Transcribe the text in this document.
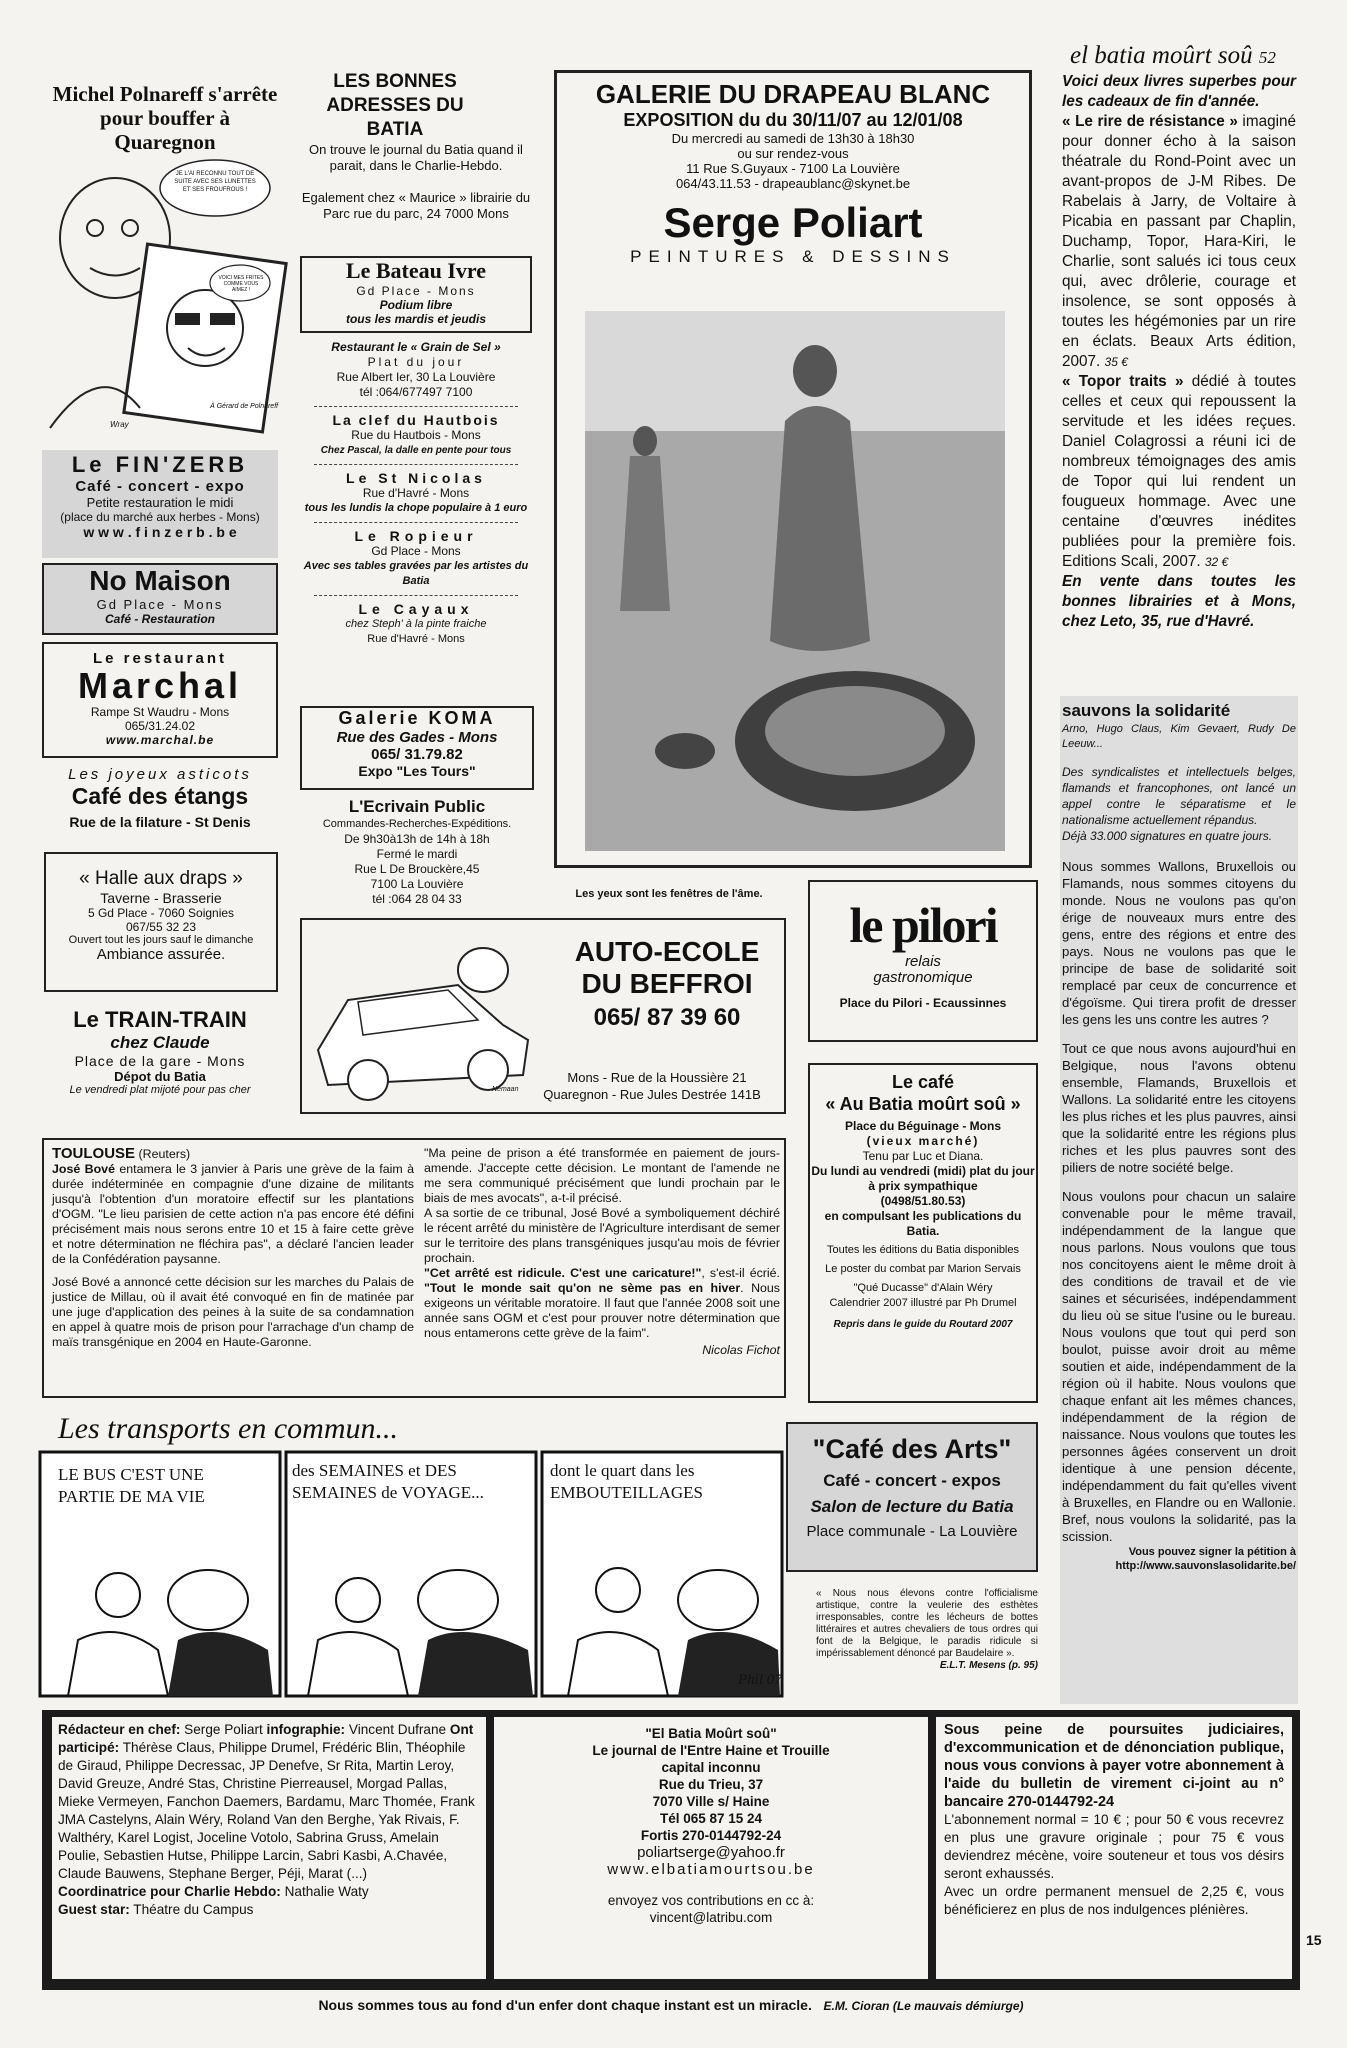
el batia moûrt soû 52
Michel Polnareff s'arrête pour bouffer à Quaregnon
JE L'AI RECONNU TOUT DE SUITE AVEC SES LUNETTES ET SES FROUFROUS !
VOICI MES FRITES COMME VOUS AIMEZ !
À Gérard de Polnareff
Wray
Le FIN'ZERB
Café - concert - expo
Petite restauration le midi
(place du marché aux herbes - Mons)
w w w . f i n z e r b . b e
No Maison
Gd Place - Mons
Café - Restauration
Le restaurant
Marchal
Rampe St Waudru - Mons
065/31.24.02
www.marchal.be
Les joyeux asticots
Café des étangs
Rue de la filature - St Denis
« Halle aux draps »
Taverne - Brasserie
5 Gd Place - 7060 Soignies
067/55 32 23
Ouvert tout les jours sauf le dimanche
Ambiance assurée.
Le TRAIN-TRAIN
chez Claude
Place de la gare - Mons
Dépot du Batia
Le vendredi plat mijoté pour pas cher
LES BONNES ADRESSES DU BATIA
On trouve le journal du Batia quand il parait, dans le Charlie-Hebdo.
Egalement chez « Maurice » librairie du Parc rue du parc, 24 7000 Mons
Le Bateau Ivre
Gd Place - Mons
Podium libre
tous les mardis et jeudis
Restaurant le « Grain de Sel »
Plat du jour
Rue Albert Ier, 30 La Louvière
tél :064/677497 7100
La clef du Hautbois
Rue du Hautbois - Mons
Chez Pascal, la dalle en pente pour tous
Le St Nicolas
Rue d'Havré - Mons
tous les lundis la chope populaire à 1 euro
Le Ropieur
Gd Place - Mons
Avec ses tables gravées par les artistes du Batia
Le Cayaux
chez Steph' à la pinte fraiche
Rue d'Havré - Mons
Galerie KOMA
Rue des Gades - Mons
065/ 31.79.82
Expo "Les Tours"
L'Ecrivain Public
Commandes-Recherches-Expéditions.
De 9h30à13h de 14h à 18h
Fermé le mardi
Rue L De Brouckère,45
7100 La Louvière
tél :064 28 04 33
GALERIE DU DRAPEAU BLANC
EXPOSITION du du 30/11/07 au 12/01/08
Du mercredi au samedi de 13h30 à 18h30
ou sur rendez-vous
11 Rue S.Guyaux - 7100 La Louvière
064/43.11.53 - drapeaublanc@skynet.be
Serge Poliart
PEINTURES & DESSINS
Les yeux sont les fenêtres de l'âme.
AUTO-ECOLE
DU BEFFROI
065/ 87 39 60
Mons - Rue de la Houssière 21
Quaregnon - Rue Jules Destrée 141B
Nemaan
le pilori
relais
gastronomique
Place du Pilori - Ecaussinnes
Le café
« Au Batia moûrt soû »
Place du Béguinage - Mons
(vieux marché)
Tenu par Luc et Diana.
Du lundi au vendredi (midi) plat du jour à prix sympathique
(0498/51.80.53)
en compulsant les publications du Batia.
Toutes les éditions du Batia disponibles
Le poster du combat par Marion Servais
"Qué Ducasse" d'Alain Wéry
Calendrier 2007 illustré par Ph Drumel
Repris dans le guide du Routard 2007
"Café des Arts"
Café - concert - expos
Salon de lecture du Batia
Place communale - La Louvière
« Nous nous élevons contre l'officialisme artistique, contre la veulerie des esthètes irresponsables, contre les lécheurs de bottes littéraires et autres chevaliers de tous ordres qui font de la Belgique, le paradis ridicule si impérissablement dénoncé par Baudelaire ».
E.L.T. Mesens (p. 95)

TOULOUSE (Reuters)
José Bové entamera le 3 janvier à Paris une grève de la faim à durée indéterminée en compagnie d'une dizaine de militants jusqu'à l'obtention d'un moratoire effectif sur les plantations d'OGM. "Le lieu parisien de cette action n'a pas encore été défini précisément mais nous serons entre 10 et 15 à faire cette grève et notre détermination ne fléchira pas", a déclaré l'ancien leader de la Confédération paysanne.

José Bové a annoncé cette décision sur les marches du Palais de justice de Millau, où il avait été convoqué en fin de matinée par une juge d'application des peines à la suite de sa condamnation en appel à quatre mois de prison pour l'arrachage d'un champ de maïs transgénique en 2004 en Haute-Garonne.

"Ma peine de prison a été transformée en paiement de jours-amende. J'accepte cette décision. Le montant de l'amende ne me sera communiqué précisément que lundi prochain par le biais de mes avocats", a-t-il précisé.

A sa sortie de ce tribunal, José Bové a symboliquement déchiré le récent arrêté du ministère de l'Agriculture interdisant de semer sur le territoire des plans transgéniques jusqu'au mois de février prochain.

"Cet arrêté est ridicule. C'est une caricature!", s'est-il écrié. "Tout le monde sait qu'on ne sème pas en hiver. Nous exigeons un véritable moratoire. Il faut que l'année 2008 soit une année sans OGM et c'est pour prouver notre détermination que nous entamerons cette grève de la faim".

Nicolas Fichot
Les transports en commun...
LE BUS C'EST UNE PARTIE DE MA VIE
des SEMAINES et DES SEMAINES de VOYAGE...
dont le quart dans les EMBOUTEILLAGES
Phil 07
Voici deux livres superbes pour les cadeaux de fin d'année.
« Le rire de résistance » imaginé pour donner écho à la saison théatrale du Rond-Point avec un avant-propos de J-M Ribes. De Rabelais à Jarry, de Voltaire à Picabia en passant par Chaplin, Duchamp, Topor, Hara-Kiri, le Charlie, sont salués ici tous ceux qui, avec drôlerie, courage et insolence, se sont opposés à toutes les hégémonies par un rire en éclats. Beaux Arts édition, 2007. 35 €
« Topor traits » dédié à toutes celles et ceux qui repoussent la servitude et les idées reçues. Daniel Colagrossi a réuni ici de nombreux témoignages des amis de Topor qui lui rendent un fougueux hommage. Avec une centaine d'œuvres inédites publiées pour la première fois. Editions Scali, 2007. 32 €
En vente dans toutes les bonnes librairies et à Mons, chez Leto, 35, rue d'Havré.
sauvons la solidarité
Arno, Hugo Claus, Kim Gevaert, Rudy De Leeuw...
Des syndicalistes et intellectuels belges, flamands et francophones, ont lancé un appel contre le séparatisme et le nationalisme actuellement répandus.
Déjà 33.000 signatures en quatre jours.
Nous sommes Wallons, Bruxellois ou Flamands, nous sommes citoyens du monde. Nous ne voulons pas qu'on érige de nouveaux murs entre des gens, entre des régions et entre des pays. Nous ne voulons pas que le principe de base de solidarité soit remplacé par ceux de concurrence et d'égoïsme. Qui tirera profit de dresser les gens les uns contre les autres ?
Tout ce que nous avons aujourd'hui en Belgique, nous l'avons obtenu ensemble, Flamands, Bruxellois et Wallons. La solidarité entre les citoyens les plus riches et les plus pauvres, ainsi que la solidarité entre les régions plus riches et les plus pauvres sont des piliers de notre société belge.
Nous voulons pour chacun un salaire convenable pour le même travail, indépendamment de la langue que nous parlons. Nous voulons que tous nos concitoyens aient le même droit à des conditions de travail et de vie saines et sécurisées, indépendamment du lieu où se situe l'usine ou le bureau. Nous voulons que tout qui perd son boulot, puisse avoir droit au même soutien et aide, indépendamment de la région où il habite. Nous voulons que chaque enfant ait les mêmes chances, indépendamment de la région de naissance. Nous voulons que toutes les personnes âgées conservent un droit identique à une pension décente, indépendamment du fait qu'elles vivent à Bruxelles, en Flandre ou en Wallonie. Bref, nous voulons la solidarité, pas la scission.
Vous pouvez signer la pétition à
http://www.sauvonslasolidarite.be/
Rédacteur en chef: Serge Poliart infographie: Vincent Dufrane Ont participé: Thérèse Claus, Philippe Drumel, Frédéric Blin, Théophile de Giraud, Philippe Decressac, JP Denefve, Sr Rita, Martin Leroy, David Greuze, André Stas, Christine Pierreausel, Morgad Pallas, Mieke Vermeyen, Fanchon Daemers, Bardamu, Marc Thomée, Frank JMA Castelyns, Alain Wéry, Roland Van den Berghe, Yak Rivais, F. Walthéry, Karel Logist, Joceline Votolo, Sabrina Gruss, Amelain Poulie, Sebastien Hutse, Philippe Larcin, Sabri Kasbi, A.Chavée, Claude Bauwens, Stephane Berger, Péji, Marat (...)
Coordinatrice pour Charlie Hebdo: Nathalie Waty
Guest star: Théatre du Campus
"El Batia Moûrt soû"
Le journal de l'Entre Haine et Trouille
capital inconnu
Rue du Trieu, 37
7070 Ville s/ Haine
Tél 065 87 15 24
Fortis 270-0144792-24
poliartserge@yahoo.fr
www.elbatiamourtsou.be
envoyez vos contributions en cc à:
vincent@latribu.com
Sous peine de poursuites judiciaires, d'excommunication et de dénonciation publique, nous vous convions à payer votre abonnement à l'aide du bulletin de virement ci-joint au n° bancaire 270-0144792-24
L'abonnement normal = 10 € ; pour 50 € vous recevrez en plus une gravure originale ; pour 75 € vous deviendrez mécène, voire souteneur et tous vos désirs seront exhaussés.
Avec un ordre permanent mensuel de 2,25 €, vous bénéficierez en plus de nos indulgences plénières.
15
Nous sommes tous au fond d'un enfer dont chaque instant est un miracle. E.M. Cioran (Le mauvais démiurge)
